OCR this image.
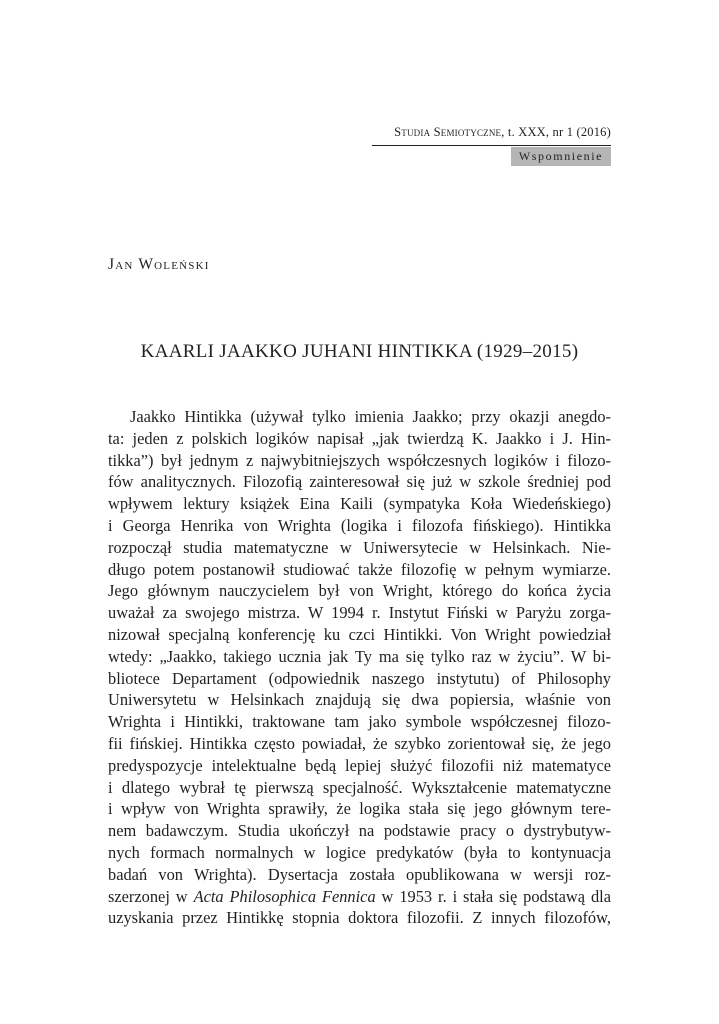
Studia Semiotyczne, t. XXX, nr 1 (2016)
Wspomnienie
Jan Woleński
KAARLI JAAKKO JUHANI HINTIKKA (1929–2015)
Jaakko Hintikka (używał tylko imienia Jaakko; przy okazji anegdo-
ta: jeden z polskich logików napisał „jak twierdzą K. Jaakko i J. Hin-
tikka”) był jednym z najwybitniejszych współczesnych logików i filozo-
fów analitycznych. Filozofią zainteresował się już w szkole średniej pod
wpływem lektury książek Eina Kaili (sympatyka Koła Wiedeńskiego)
i Georga Henrika von Wrighta (logika i filozofa fińskiego). Hintikka
rozpoczął studia matematyczne w Uniwersytecie w Helsinkach. Nie-
długo potem postanowił studiować także filozofię w pełnym wymiarze.
Jego głównym nauczycielem był von Wright, którego do końca życia
uważał za swojego mistrza. W 1994 r. Instytut Fiński w Paryżu zorga-
nizował specjalną konferencję ku czci Hintikki. Von Wright powiedział
wtedy: „Jaakko, takiego ucznia jak Ty ma się tylko raz w życiu”. W bi-
bliotece Departament (odpowiednik naszego instytutu) of Philosophy
Uniwersytetu w Helsinkach znajdują się dwa popiersia, właśnie von
Wrighta i Hintikki, traktowane tam jako symbole współczesnej filozo-
fii fińskiej. Hintikka często powiadał, że szybko zorientował się, że jego
predyspozycje intelektualne będą lepiej służyć filozofii niż matematyce
i dlatego wybrał tę pierwszą specjalność. Wykształcenie matematyczne
i wpływ von Wrighta sprawiły, że logika stała się jego głównym tere-
nem badawczym. Studia ukończył na podstawie pracy o dystrybutyw-
nych formach normalnych w logice predykatów (była to kontynuacja
badań von Wrighta). Dysertacja została opublikowana w wersji roz-
szerzonej w Acta Philosophica Fennica w 1953 r. i stała się podstawą dla
uzyskania przez Hintikkę stopnia doktora filozofii. Z innych filozofów,
